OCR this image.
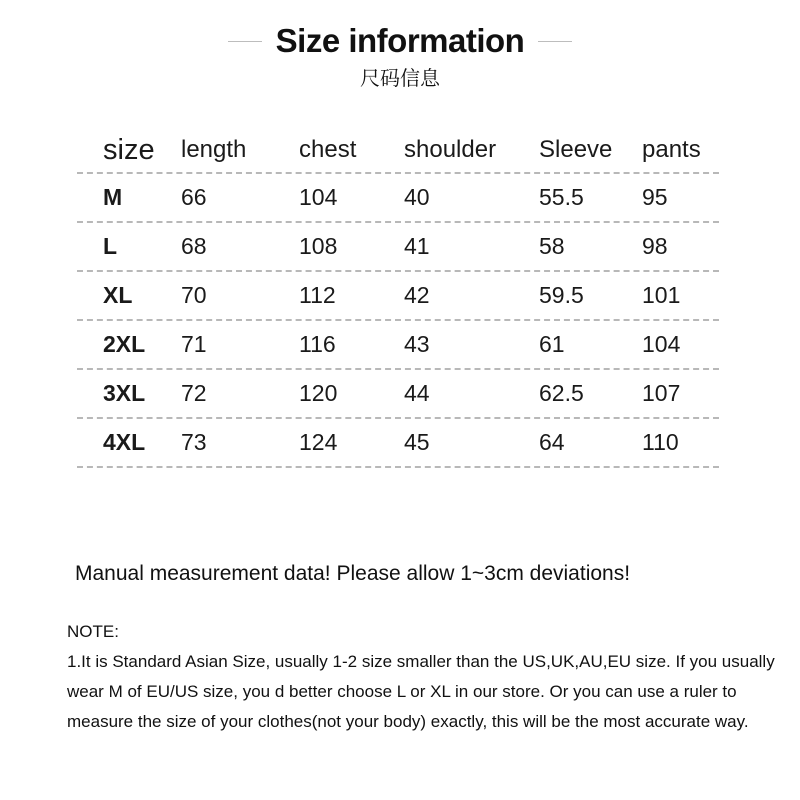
Size information
尺码信息
size length chest shoulder Sleeve pants
M	66	104	40	55.5	95
L	68	108	41	58	98
XL 70	112	42	59.5	101
2XL 71	116	43	61	104
3XL 72	120	44	62.5	107
4XL 73	124	45	64	110
Manual measurement data! Please allow 1~3cm deviations!

NOTE:

1.It is Standard Asian Size, usually 1-2 size smaller than the US,UK,AU,EU size. If you usually wear M of EU/US size, you d better choose L or XL in our store. Or you can use a ruler to measure the size of your clothes(not your body) exactly, this will be the most accurate way.
